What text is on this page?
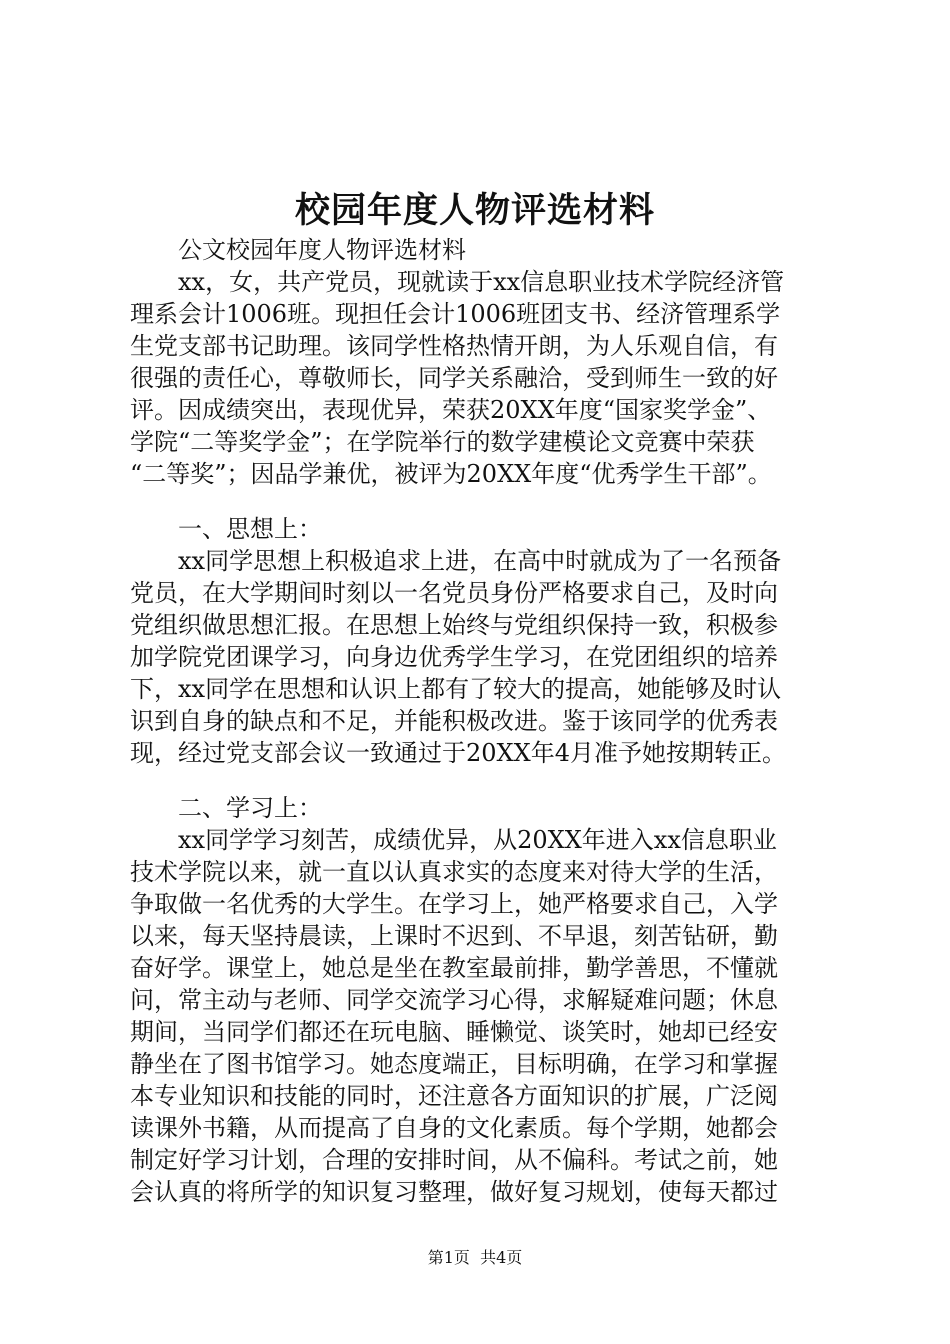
校园年度人物评选材料
　　公文校园年度人物评选材料
　　xx，女，共产党员，现就读于xx信息职业技术学院经济管
理系会计1006班。现担任会计1006班团支书、经济管理系学
生党支部书记助理。该同学性格热情开朗，为人乐观自信，有
很强的责任心，尊敬师长，同学关系融洽，受到师生一致的好
评。因成绩突出，表现优异，荣获20XX年度“国家奖学金”、
学院“二等奖学金”；在学院举行的数学建模论文竞赛中荣获
“二等奖”；因品学兼优，被评为20XX年度“优秀学生干部”。
　　一、思想上：
　　xx同学思想上积极追求上进，在高中时就成为了一名预备
党员，在大学期间时刻以一名党员身份严格要求自己，及时向
党组织做思想汇报。在思想上始终与党组织保持一致，积极参
加学院党团课学习，向身边优秀学生学习，在党团组织的培养
下，xx同学在思想和认识上都有了较大的提高，她能够及时认
识到自身的缺点和不足，并能积极改进。鉴于该同学的优秀表
现，经过党支部会议一致通过于20XX年4月准予她按期转正。
　　二、学习上：
　　xx同学学习刻苦，成绩优异，从20XX年进入xx信息职业
技术学院以来，就一直以认真求实的态度来对待大学的生活，
争取做一名优秀的大学生。在学习上，她严格要求自己，入学
以来，每天坚持晨读，上课时不迟到、不早退，刻苦钻研，勤
奋好学。课堂上，她总是坐在教室最前排，勤学善思，不懂就
问，常主动与老师、同学交流学习心得，求解疑难问题；休息
期间，当同学们都还在玩电脑、睡懒觉、谈笑时，她却已经安
静坐在了图书馆学习。她态度端正，目标明确，在学习和掌握
本专业知识和技能的同时，还注意各方面知识的扩展，广泛阅
读课外书籍，从而提高了自身的文化素质。每个学期，她都会
制定好学习计划，合理的安排时间，从不偏科。考试之前，她
会认真的将所学的知识复习整理，做好复习规划，使每天都过
第1页  共4页
